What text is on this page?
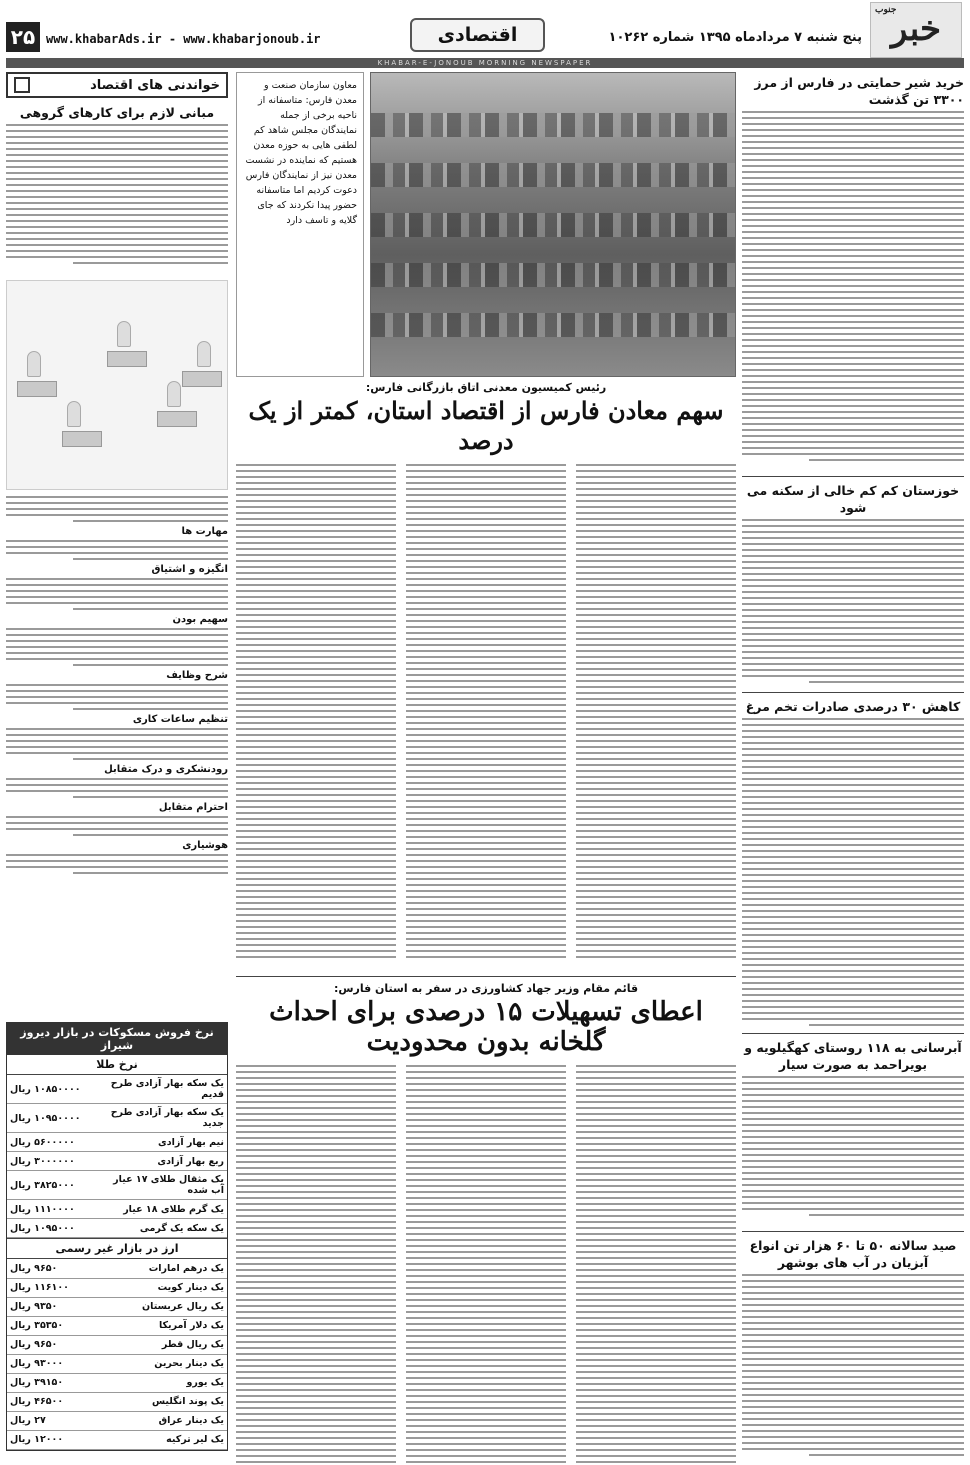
خبر
جنوب
پنج شنبه ۷ مردادماه ۱۳۹۵ شماره ۱۰۲۶۲
اقتصادی
www.khabarAds.ir - www.khabarjonoub.ir
۲۵
KHABAR-E-JONOUB MORNING NEWSPAPER
خرید شیر حمایتی در فارس از مرز ۳۳۰۰ تن گذشت
خوزستان کم کم خالی از سکنه می شود
کاهش ۳۰ درصدی صادرات تخم مرغ
آبرسانی به ۱۱۸ روستای کهگیلویه و بویراحمد به صورت سیار
صید سالانه ۵۰ تا ۶۰ هزار تن انواع آبزیان در آب های بوشهر
معاون سازمان صنعت و معدن فارس: متاسفانه از ناحیه برخی از جمله نمایندگان مجلس شاهد کم لطفی هایی به حوزه معدن هستیم که نماینده در نشست معدن نیز از نمایندگان فارس دعوت کردیم اما متاسفانه حضور پیدا نکردند که جای گلایه و تاسف دارد
رئیس کمیسیون معدنی اتاق بازرگانی فارس:
سهم معادن فارس از اقتصاد استان، کمتر از یک درصد
قائم مقام وزیر جهاد کشاورزی در سفر به استان فارس:
اعطای تسهیلات ۱۵ درصدی برای احداث گلخانه بدون محدودیت
خواندنی های اقتصاد
مبانی لازم برای کارهای گروهی
مهارت ها
انگیزه و اشتیاق
سهیم بودن
شرح وظایف
تنظیم ساعات کاری
رودنشکری و درک متقابل
احترام متقابل
هوشیاری
نرخ فروش مسکوکات در بازار دیروز شیراز
نرخ طلا
یک سکه بهار آزادی طرح قدیم	۱۰۸۵۰۰۰۰ ریال
یک سکه بهار آزادی طرح جدید	۱۰۹۵۰۰۰۰ ریال
نیم بهار آزادی	۵۶۰۰۰۰۰ ریال
ربع بهار آزادی	۳۰۰۰۰۰۰ ریال
یک مثقال طلای ۱۷ عیار آب شده	۳۸۲۵۰۰۰ ریال
یک گرم طلای ۱۸ عیار	۱۱۱۰۰۰۰ ریال
یک سکه یک گرمی	۱۰۹۵۰۰۰ ریال
ارز در بازار غیر رسمی
یک درهم امارات	۹۶۵۰ ریال
یک دینار کویت	۱۱۶۱۰۰ ریال
یک ریال عربستان	۹۳۵۰ ریال
یک دلار آمریکا	۳۵۳۵۰ ریال
یک ریال قطر	۹۶۵۰ ریال
یک دینار بحرین	۹۳۰۰۰ ریال
یک یورو	۳۹۱۵۰ ریال
یک پوند انگلیس	۴۶۵۰۰ ریال
یک دینار عراق	۲۷ ریال
یک لیر ترکیه	۱۲۰۰۰ ریال
